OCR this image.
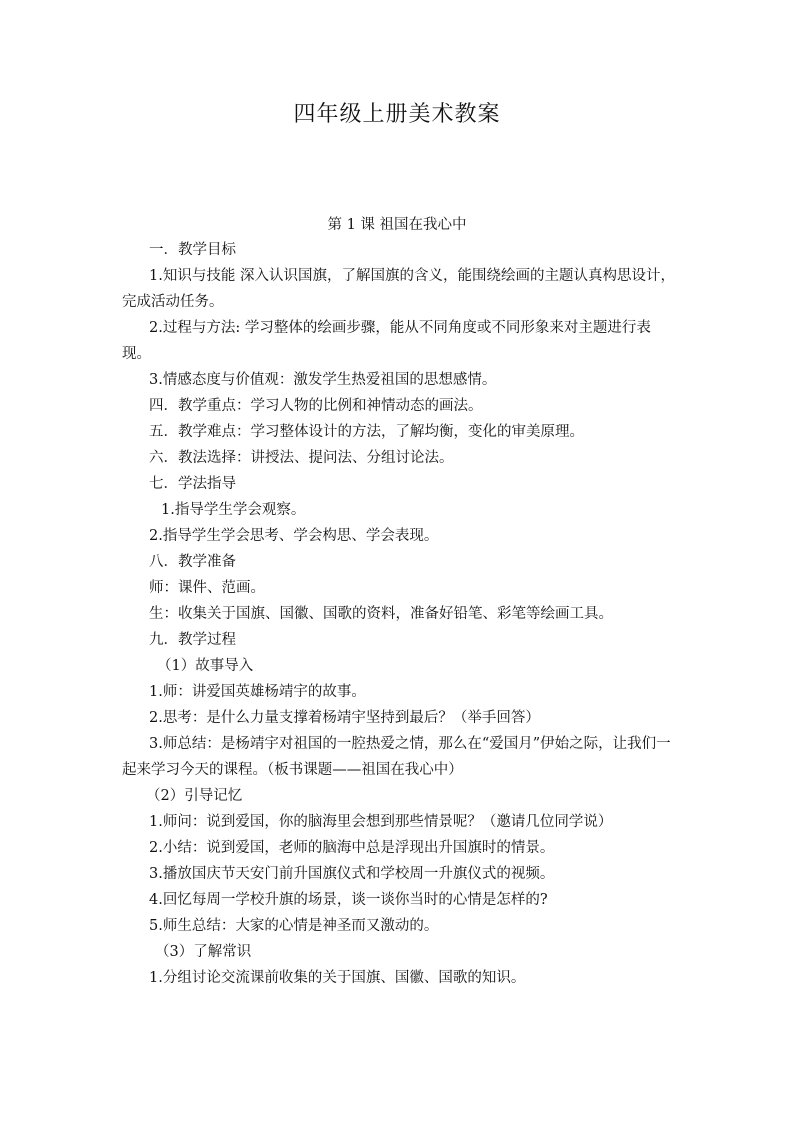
四年级上册美术教案
第 1 课 祖国在我心中

一．教学目标

1.知识与技能 深入认识国旗，了解国旗的含义，能围绕绘画的主题认真构思设计，完成活动任务。

2.过程与方法: 学习整体的绘画步骤，能从不同角度或不同形象来对主题进行表现。

3.情感态度与价值观：激发学生热爱祖国的思想感情。

四．教学重点：学习人物的比例和神情动态的画法。

五．教学难点：学习整体设计的方法，了解均衡，变化的审美原理。

六．教法选择：讲授法、提问法、分组讨论法。

七．学法指导

1.指导学生学会观察。

2.指导学生学会思考、学会构思、学会表现。

八．教学准备

师：课件、范画。

生：收集关于国旗、国徽、国歌的资料，准备好铅笔、彩笔等绘画工具。

九．教学过程

（1）故事导入

1.师：讲爱国英雄杨靖宇的故事。

2.思考：是什么力量支撑着杨靖宇坚持到最后？（举手回答）

3.师总结：是杨靖宇对祖国的一腔热爱之情，那么在“爱国月”伊始之际，让我们一起来学习今天的课程。（板书课题——祖国在我心中）

（2）引导记忆

1.师问：说到爱国，你的脑海里会想到那些情景呢？（邀请几位同学说）

2.小结：说到爱国，老师的脑海中总是浮现出升国旗时的情景。

3.播放国庆节天安门前升国旗仪式和学校周一升旗仪式的视频。

4.回忆每周一学校升旗的场景，谈一谈你当时的心情是怎样的?

5.师生总结：大家的心情是神圣而又激动的。

（3）了解常识

1.分组讨论交流课前收集的关于国旗、国徽、国歌的知识。
